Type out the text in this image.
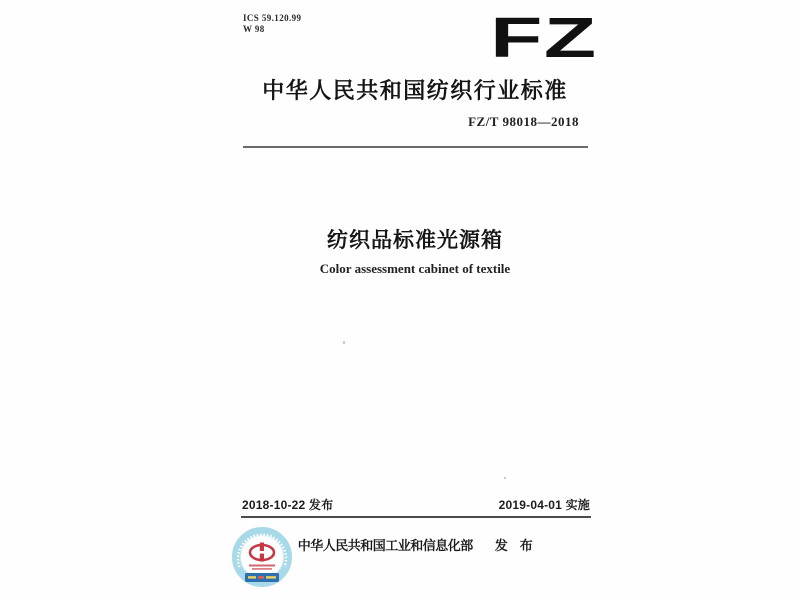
ICS 59.120.99
W 98	FZ
中华人民共和国纺织行业标准
FZ/T 98018—2018
纺织品标准光源箱
Color assessment cabinet of textile
2018-10-22 发布	2019-04-01 实施
中华人民共和国工业和信息化部 发　布
